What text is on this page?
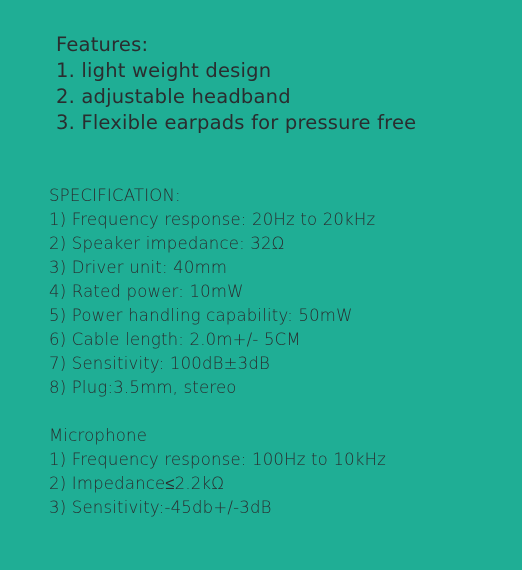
Features:
1. light weight design
2. adjustable headband
3. Flexible earpads for pressure free
SPECIFICATION:
1) Frequency response: 20Hz to 20kHz
2) Speaker impedance: 32Ω
3) Driver unit: 40mm
4) Rated power: 10mW
5) Power handling capability: 50mW
6) Cable length: 2.0m+/- 5CM
7) Sensitivity: 100dB±3dB
8) Plug:3.5mm, stereo
Microphone
1) Frequency response: 100Hz to 10kHz
2) Impedance≤2.2kΩ
3) Sensitivity:-45db+/-3dB
